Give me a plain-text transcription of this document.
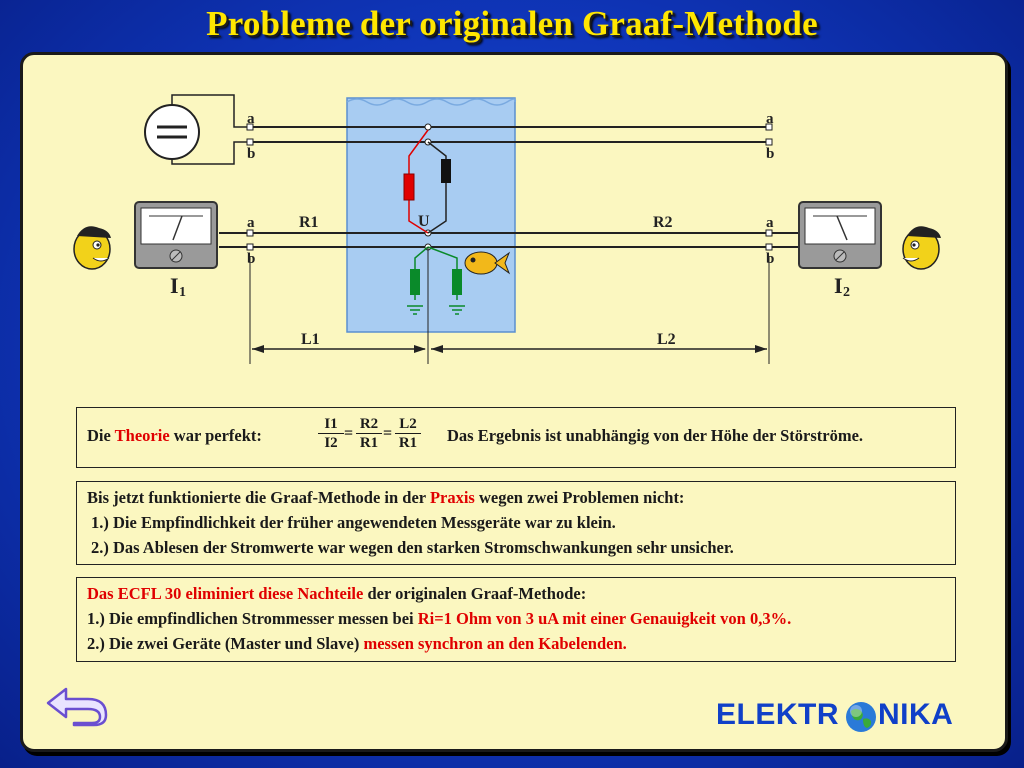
Probleme der originalen Graaf-Methode
a
b
a
b
a
b
a
b
R1	R2
U
I 1	I 2
L1	L2
Die Theorie war perfekt:	$\frac{I1}{I2} = \frac{R2}{R1} = \frac{L2}{R1}$ Das Ergebnis ist unabhängig von der Höhe der Störströme.
Bis jetzt funktionierte die Graaf-Methode in der Praxis wegen zwei Problemen nicht:
1.) Die Empfindlichkeit der früher angewendeten Messgeräte war zu klein.
2.) Das Ablesen der Stromwerte war wegen den starken Stromschwankungen sehr unsicher.
Das ECFL 30 eliminiert diese Nachteile der originalen Graaf-Methode:
1.) Die empfindlichen Strommesser messen bei Ri=1 Ohm von 3 uA mit einer Genauigkeit von 0,3%.
2.) Die zwei Geräte (Master und Slave) messen synchron an den Kabelenden.
ELEKTR NIKA
